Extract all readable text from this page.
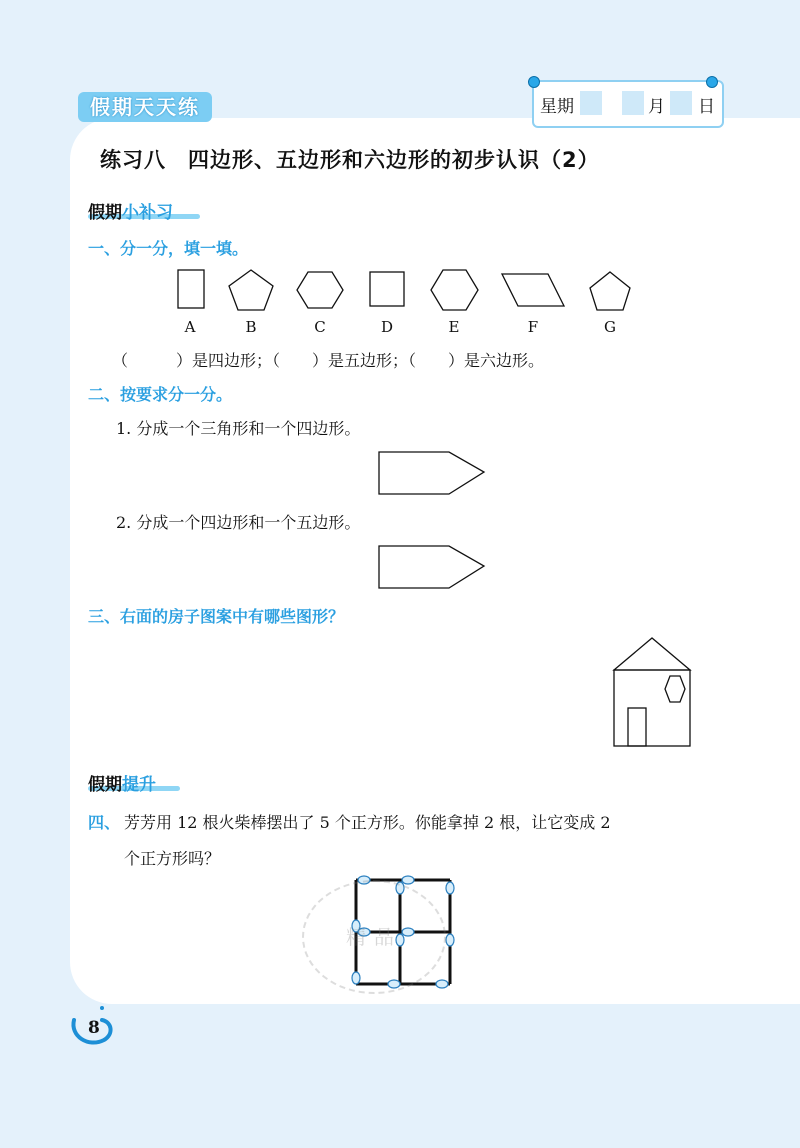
假期天天练	星期	月 日
练习八　四边形、五边形和六边形的初步认识（2）
假期小补习
一、分一分，填一填。
A	B	C	D	E	F	G
（　　　）是四边形；（　　）是五边形；（　　）是六边形。
二、按要求分一分。
1. 分成一个三角形和一个四边形。
2. 分成一个四边形和一个五边形。
三、右面的房子图案中有哪些图形？
假期提升
四、 芳芳用 12 根火柴棒摆出了 5 个正方形。你能拿掉 2 根，让它变成 2
个正方形吗？
精品
8
